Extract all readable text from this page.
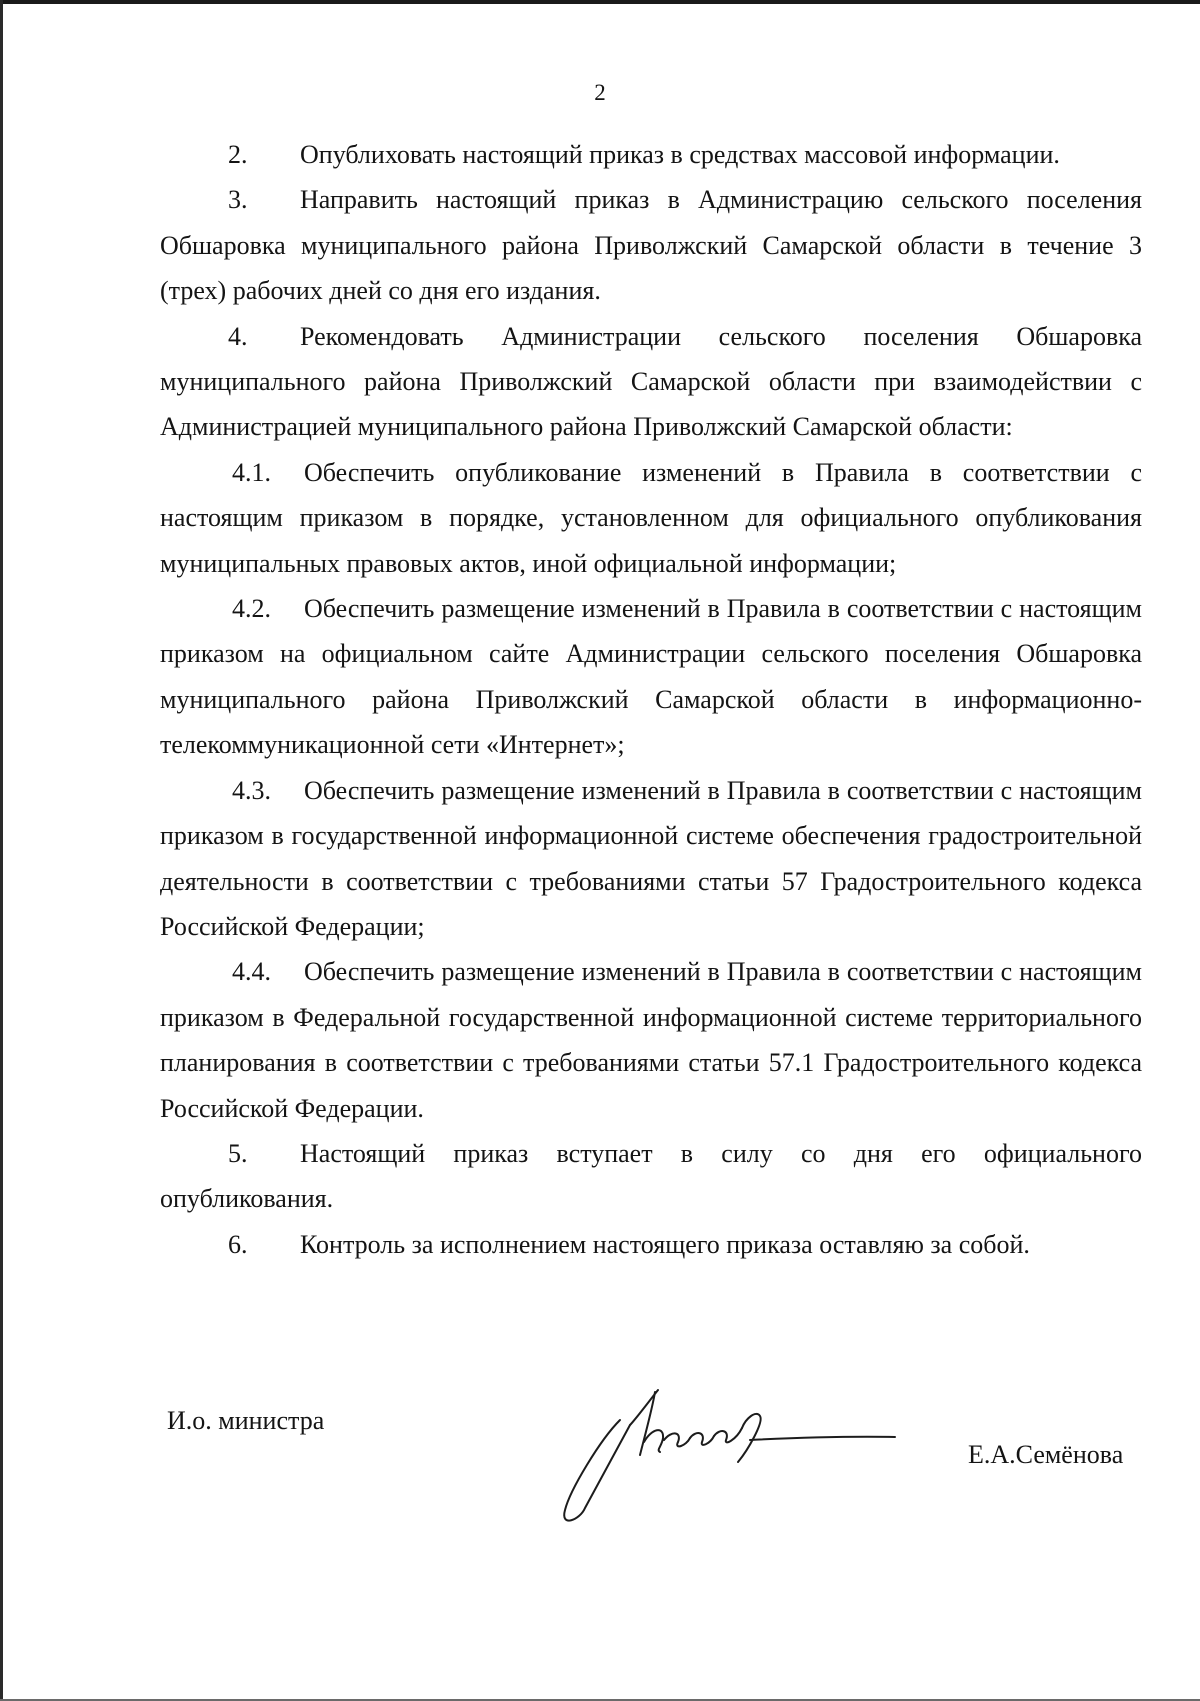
2

2. Опублиховать настоящий приказ в средствах массовой информации.

3. Направить настоящий приказ в Администрацию сельского поселения Обшаровка муниципального района Приволжский Самарской области в течение 3 (трех) рабочих дней со дня его издания.

4. Рекомендовать Администрации сельского поселения Обшаровка муниципального района Приволжский Самарской области при взаимодействии с Администрацией муниципального района Приволжский Самарской области:

4.1. Обеспечить опубликование изменений в Правила в соответствии с настоящим приказом в порядке, установленном для официального опубликования муниципальных правовых актов, иной официальной информации;

4.2. Обеспечить размещение изменений в Правила в соответствии с настоящим приказом на официальном сайте Администрации сельского поселения Обшаровка муниципального района Приволжский Самарской области в информационно-телекоммуникационной сети «Интернет»;

4.3. Обеспечить размещение изменений в Правила в соответствии с настоящим приказом в государственной информационной системе обеспечения градостроительной деятельности в соответствии с требованиями статьи 57 Градостроительного кодекса Российской Федерации;

4.4. Обеспечить размещение изменений в Правила в соответствии с настоящим приказом в Федеральной государственной информационной системе территориального планирования в соответствии с требованиями статьи 57.1 Градостроительного кодекса Российской Федерации.

5. Настоящий приказ вступает в силу со дня его официального опубликования.

6. Контроль за исполнением настоящего приказа оставляю за собой.

И.о. министра
Е.А.Семёнова
